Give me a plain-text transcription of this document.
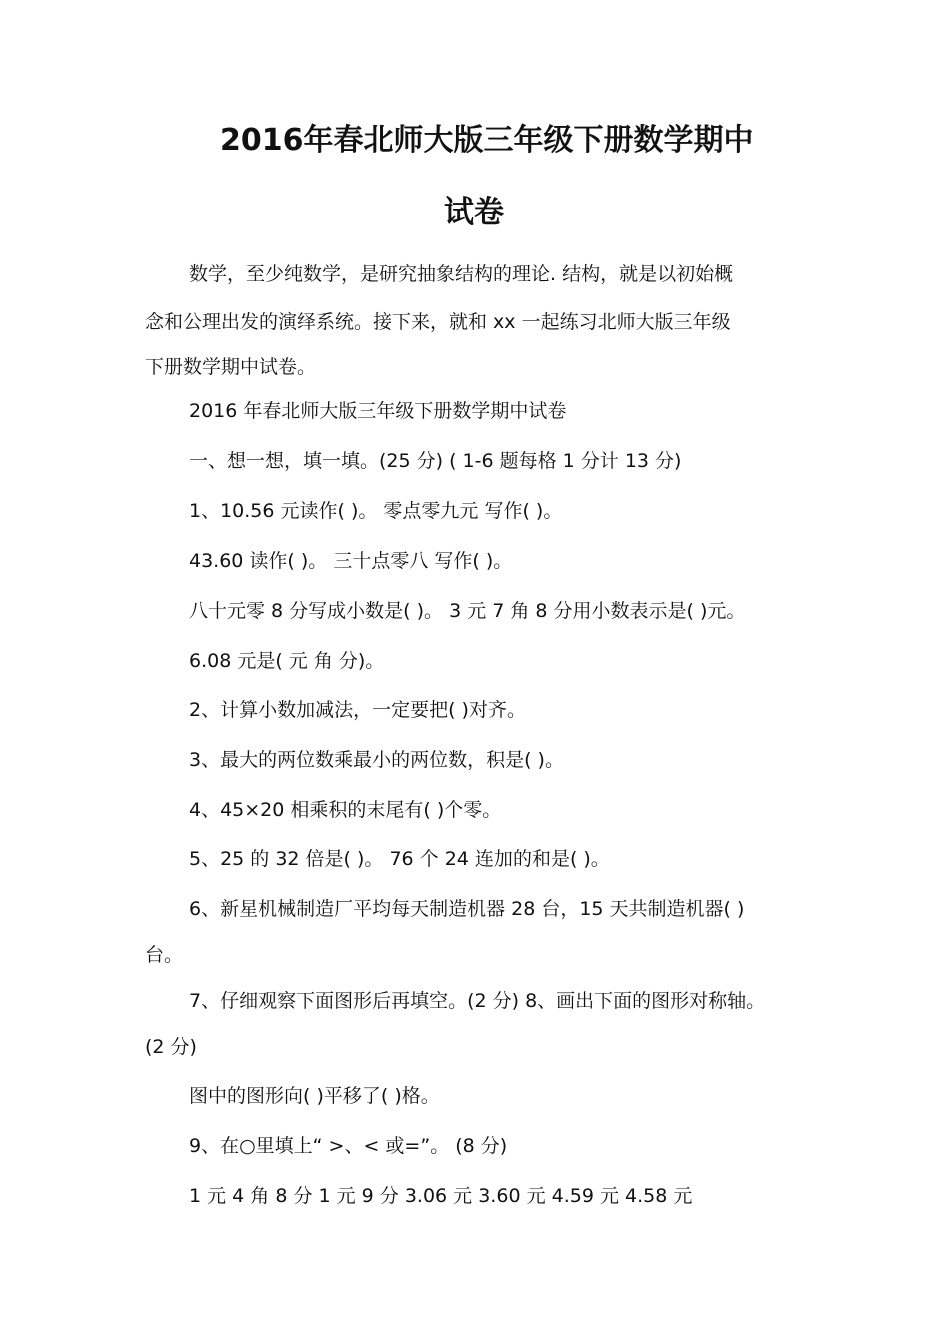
2016年春北师大版三年级下册数学期中
试卷
数学，至少纯数学，是研究抽象结构的理论. 结构，就是以初始概
念和公理出发的演绎系统。接下来，就和 xx 一起练习北师大版三年级
下册数学期中试卷。
2016 年春北师大版三年级下册数学期中试卷
一、想一想，填一填。(25 分) ( 1-6 题每格 1 分计 13 分)
1、10.56 元读作( )。 零点零九元 写作( )。
43.60 读作( )。 三十点零八 写作( )。
八十元零 8 分写成小数是( )。 3 元 7 角 8 分用小数表示是( )元。
6.08 元是( 元 角 分)。
2、计算小数加减法，一定要把( )对齐。
3、最大的两位数乘最小的两位数，积是( )。
4、45×20 相乘积的末尾有( )个零。
5、25 的 32 倍是( )。 76 个 24 连加的和是( )。
6、新星机械制造厂平均每天制造机器 28 台，15 天共制造机器( )
台。
7、仔细观察下面图形后再填空。(2 分) 8、画出下面的图形对称轴。
(2 分)
图中的图形向( )平移了( )格。
9、在○里填上“ >、< 或=”。 (8 分)
1 元 4 角 8 分 1 元 9 分 3.06 元 3.60 元 4.59 元 4.58 元
